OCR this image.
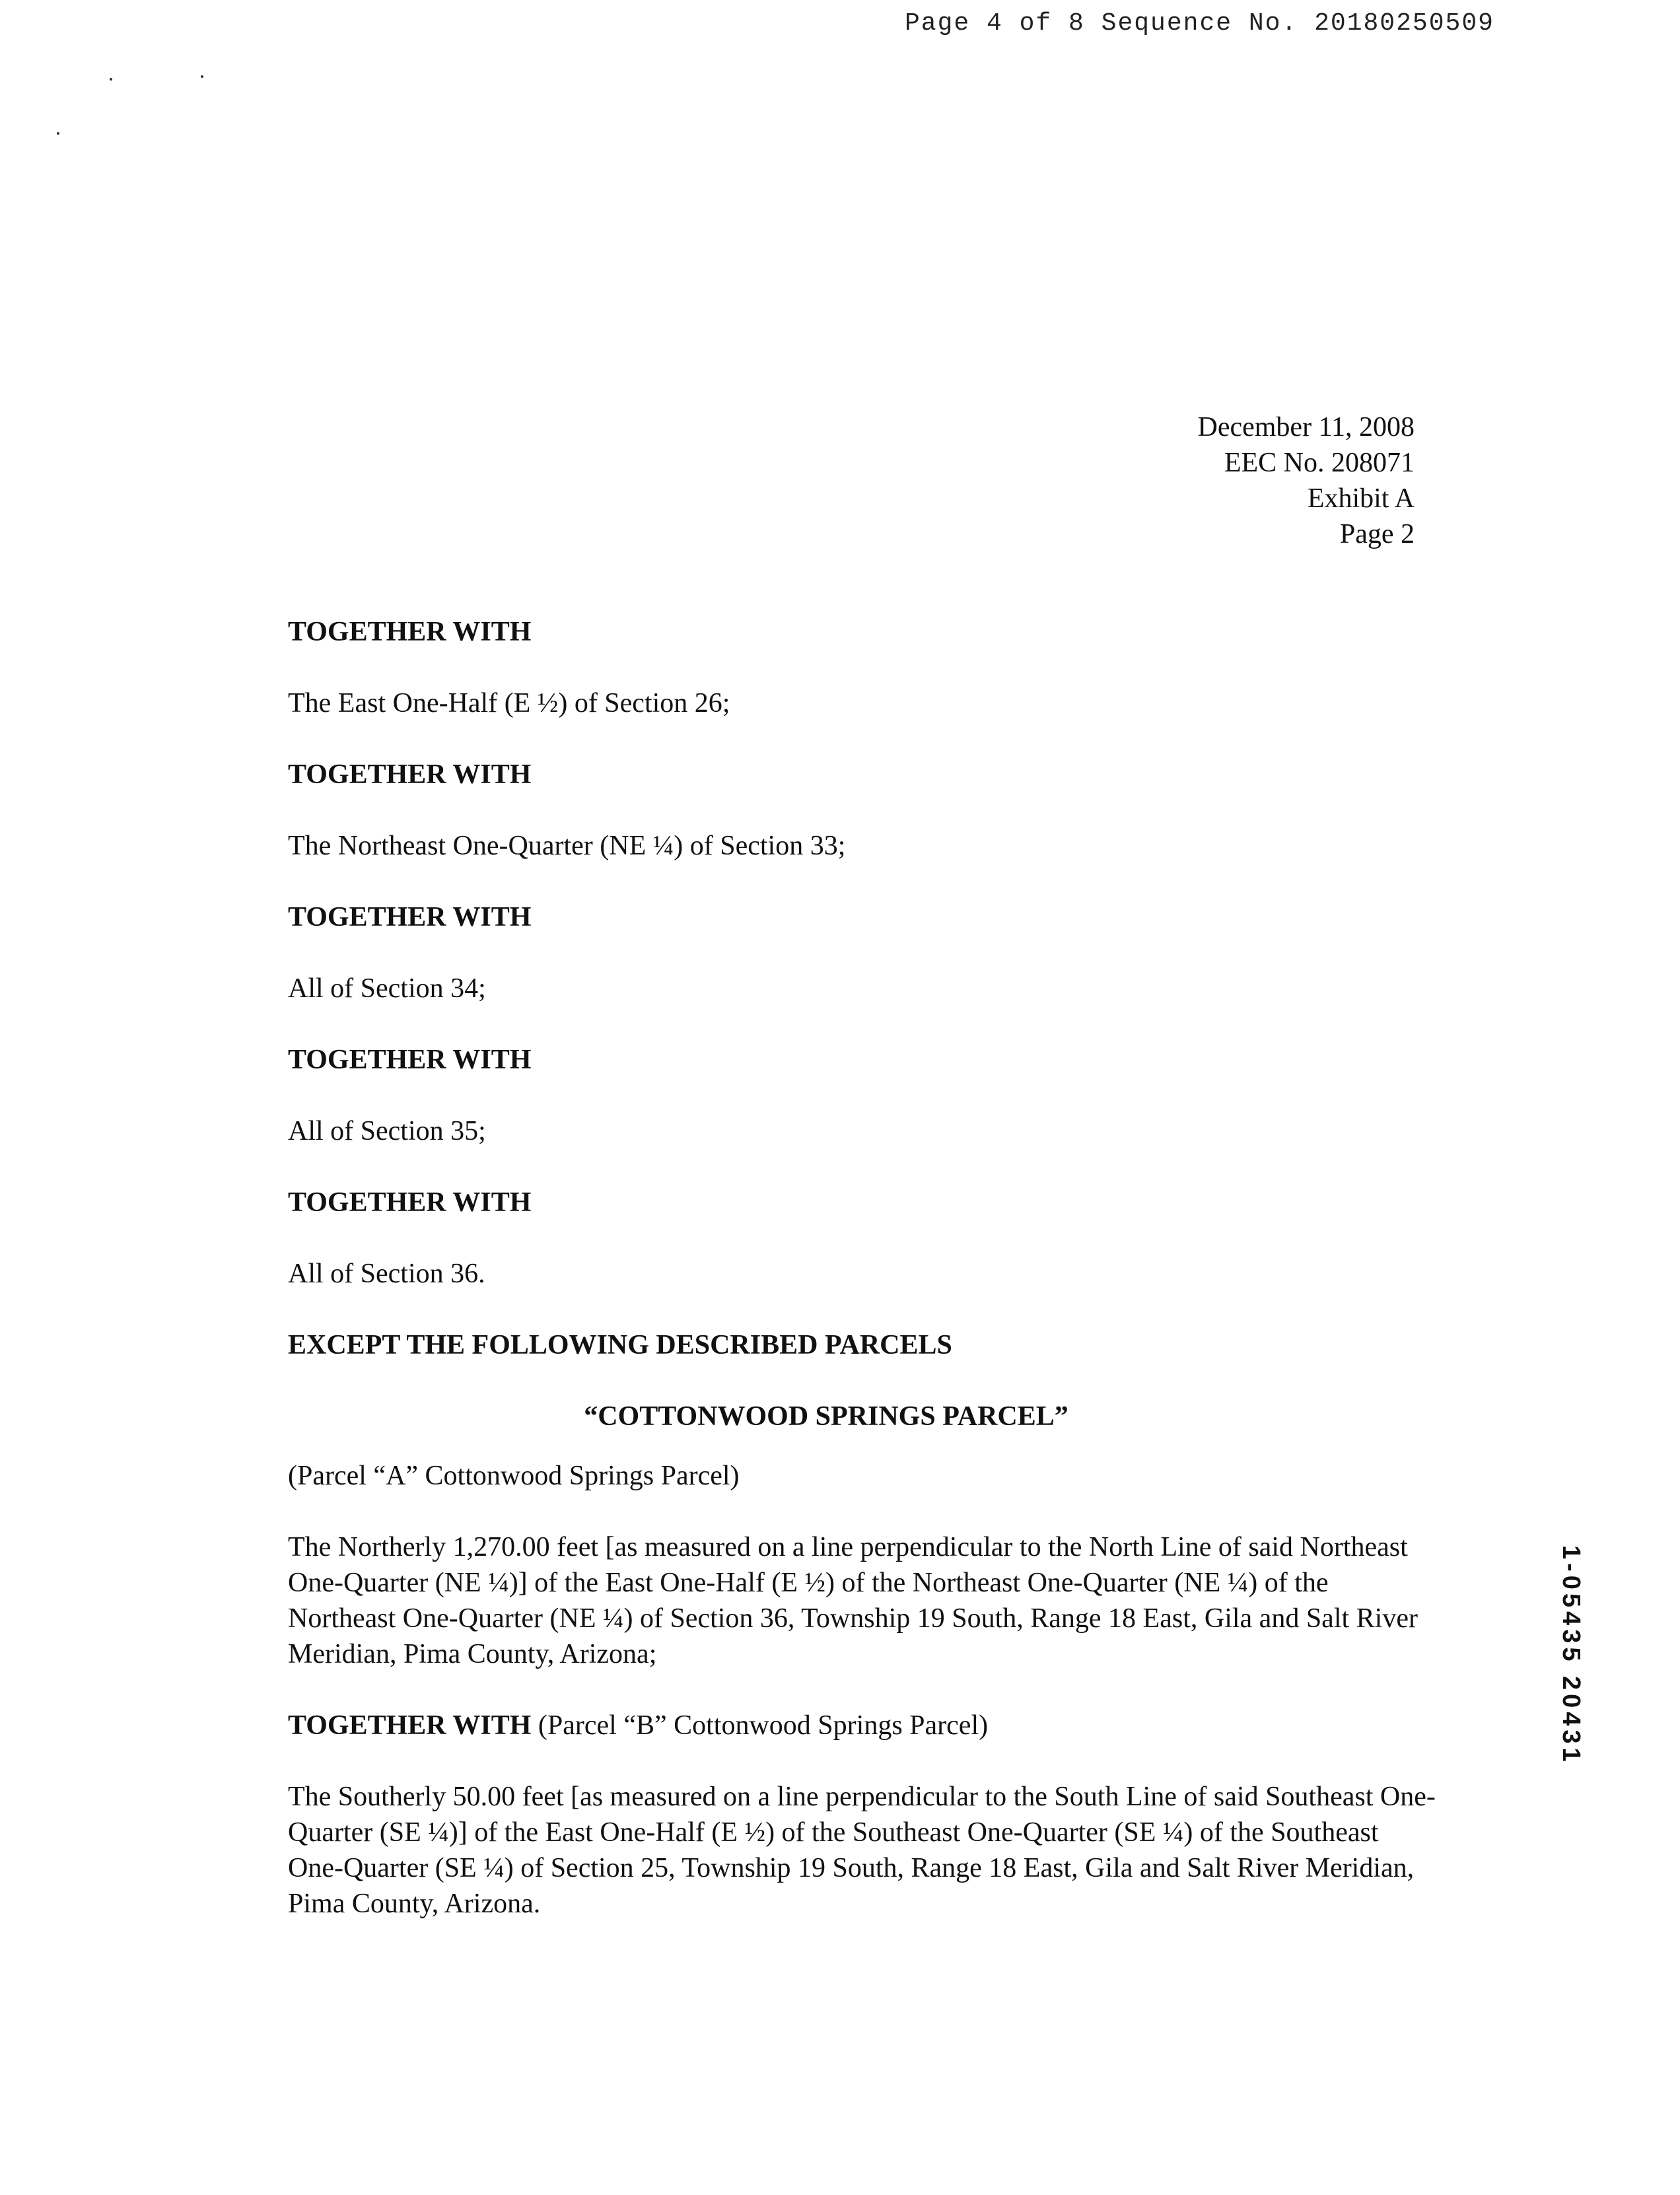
Page 4 of 8 Sequence No. 20180250509
December 11, 2008
EEC No. 208071
Exhibit A
Page 2

TOGETHER WITH

The East One-Half (E ½) of Section 26;

TOGETHER WITH

The Northeast One-Quarter (NE ¼) of Section 33;

TOGETHER WITH

All of Section 34;

TOGETHER WITH

All of Section 35;

TOGETHER WITH

All of Section 36.

EXCEPT THE FOLLOWING DESCRIBED PARCELS

“COTTONWOOD SPRINGS PARCEL”

(Parcel “A” Cottonwood Springs Parcel)

The Northerly 1,270.00 feet [as measured on a line perpendicular to the North Line of said Northeast One-Quarter (NE ¼)] of the East One-Half (E ½) of the Northeast One-Quarter (NE ¼) of the Northeast One-Quarter (NE ¼) of Section 36, Township 19 South, Range 18 East, Gila and Salt River Meridian, Pima County, Arizona;

TOGETHER WITH (Parcel “B” Cottonwood Springs Parcel)

The Southerly 50.00 feet [as measured on a line perpendicular to the South Line of said Southeast One-Quarter (SE ¼)] of the East One-Half (E ½) of the Southeast One-Quarter (SE ¼) of the Southeast One-Quarter (SE ¼) of Section 25, Township 19 South, Range 18 East, Gila and Salt River Meridian, Pima County, Arizona.

1-05435 20431
